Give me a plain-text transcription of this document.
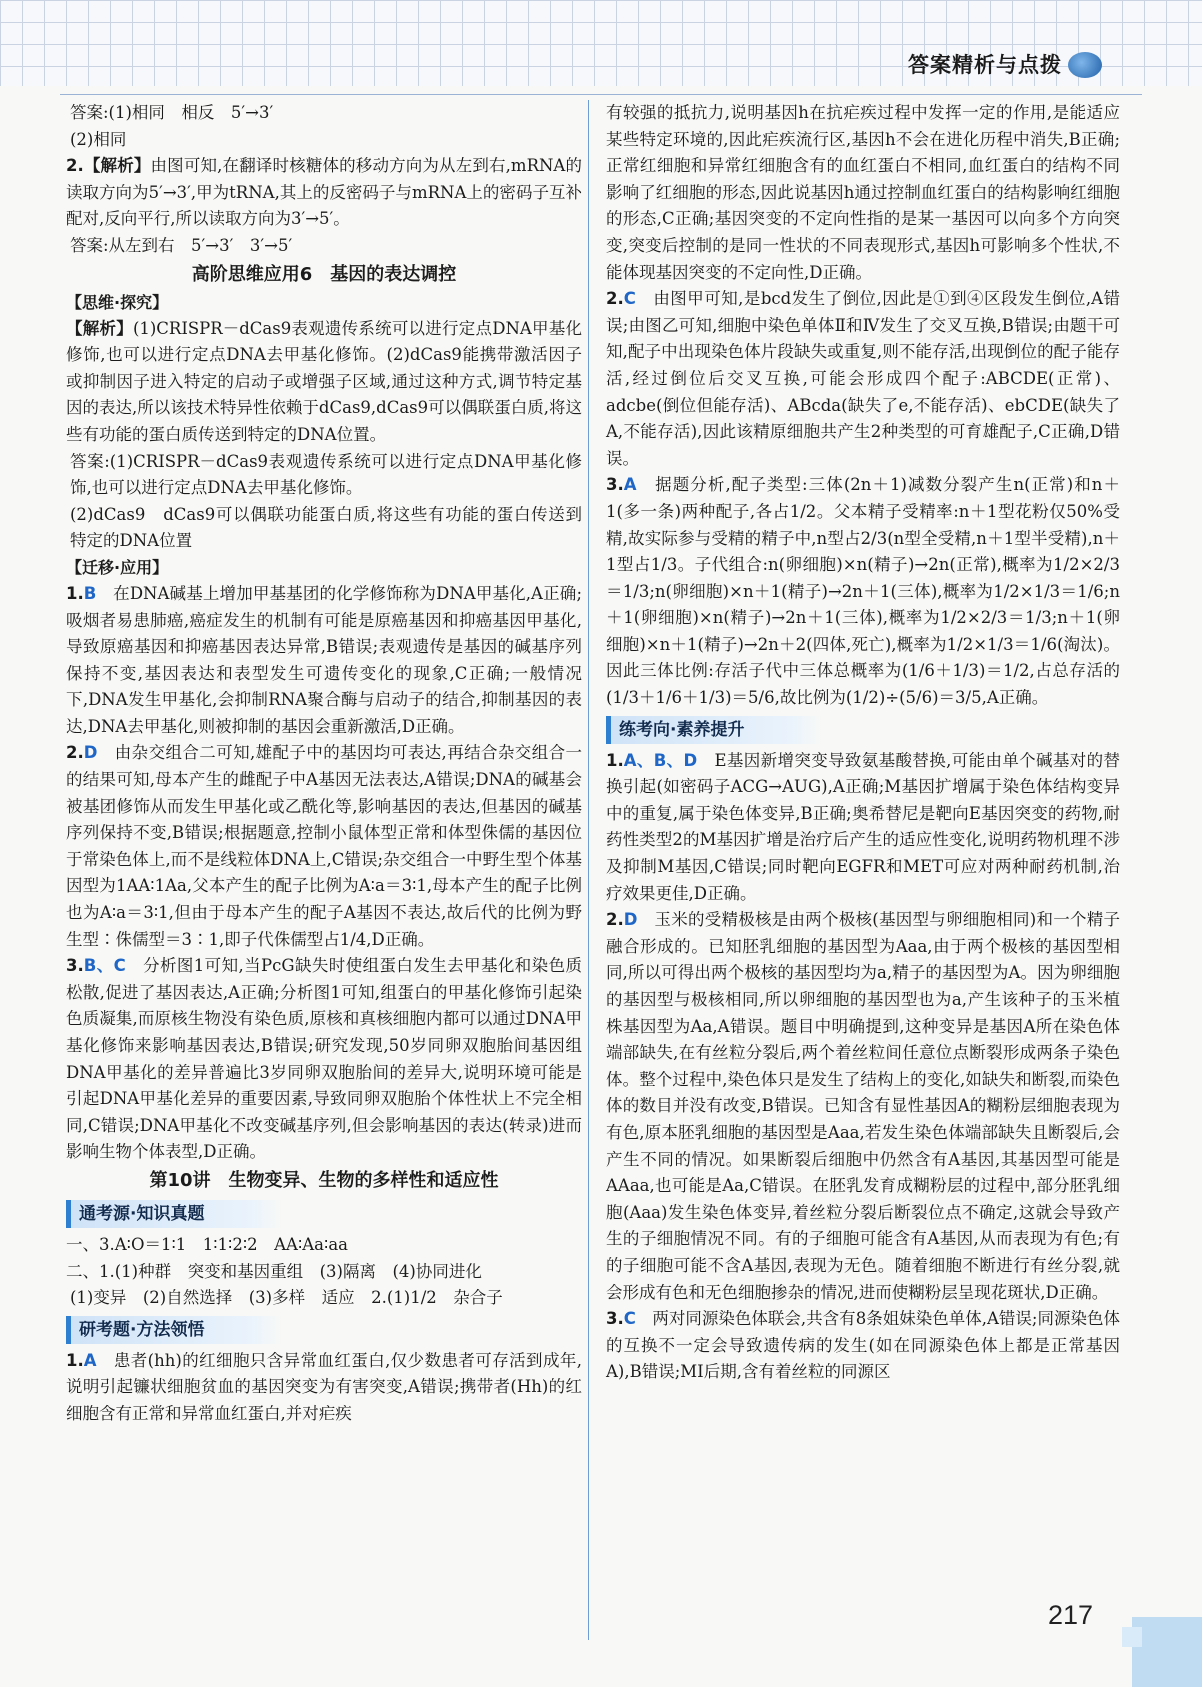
答案精析与点拨

答案:(1)相同　相反　5′→3′

(2)相同

2.【解析】由图可知,在翻译时核糖体的移动方向为从左到右,mRNA的读取方向为5′→3′,甲为tRNA,其上的反密码子与mRNA上的密码子互补配对,反向平行,所以读取方向为3′→5′。

答案:从左到右　5′→3′　3′→5′

高阶思维应用6　基因的表达调控

【思维·探究】

【解析】(1)CRISPR－dCas9表观遗传系统可以进行定点DNA甲基化修饰,也可以进行定点DNA去甲基化修饰。(2)dCas9能携带激活因子或抑制因子进入特定的启动子或增强子区域,通过这种方式,调节特定基因的表达,所以该技术特异性依赖于dCas9,dCas9可以偶联蛋白质,将这些有功能的蛋白质传送到特定的DNA位置。

答案:(1)CRISPR－dCas9表观遗传系统可以进行定点DNA甲基化修饰,也可以进行定点DNA去甲基化修饰。

(2)dCas9　dCas9可以偶联功能蛋白质,将这些有功能的蛋白传送到特定的DNA位置

【迁移·应用】

1.B　 在DNA碱基上增加甲基基团的化学修饰称为DNA甲基化,A正确;吸烟者易患肺癌,癌症发生的机制有可能是原癌基因和抑癌基因甲基化,导致原癌基因和抑癌基因表达异常,B错误;表观遗传是基因的碱基序列保持不变,基因表达和表型发生可遗传变化的现象,C正确;一般情况下,DNA发生甲基化,会抑制RNA聚合酶与启动子的结合,抑制基因的表达,DNA去甲基化,则被抑制的基因会重新激活,D正确。

2.D　 由杂交组合二可知,雄配子中的基因均可表达,再结合杂交组合一的结果可知,母本产生的雌配子中A基因无法表达,A错误;DNA的碱基会被基团修饰从而发生甲基化或乙酰化等,影响基因的表达,但基因的碱基序列保持不变,B错误;根据题意,控制小鼠体型正常和体型侏儒的基因位于常染色体上,而不是线粒体DNA上,C错误;杂交组合一中野生型个体基因型为1AA∶1Aa,父本产生的配子比例为A∶a＝3∶1,母本产生的配子比例也为A∶a＝3∶1,但由于母本产生的配子A基因不表达,故后代的比例为野生型∶侏儒型＝3∶1,即子代侏儒型占1/4,D正确。

3.B、C　 分析图1可知,当PcG缺失时使组蛋白发生去甲基化和染色质松散,促进了基因表达,A正确;分析图1可知,组蛋白的甲基化修饰引起染色质凝集,而原核生物没有染色质,原核和真核细胞内都可以通过DNA甲基化修饰来影响基因表达,B错误;研究发现,50岁同卵双胞胎间基因组DNA甲基化的差异普遍比3岁同卵双胞胎间的差异大,说明环境可能是引起DNA甲基化差异的重要因素,导致同卵双胞胎个体性状上不完全相同,C错误;DNA甲基化不改变碱基序列,但会影响基因的表达(转录)进而影响生物个体表型,D正确。

第10讲　生物变异、生物的多样性和适应性

通考源·知识真题

一、3.A∶O＝1∶1　1∶1∶2∶2　AA∶Aa∶aa

二、1.(1)种群　突变和基因重组　(3)隔离　(4)协同进化

(1)变异　(2)自然选择　(3)多样　适应　2.(1)1/2　杂合子

研考题·方法领悟

1.A　 患者(hh)的红细胞只含异常血红蛋白,仅少数患者可存活到成年,说明引起镰状细胞贫血的基因突变为有害突变,A错误;携带者(Hh)的红细胞含有正常和异常血红蛋白,并对疟疾

有较强的抵抗力,说明基因h在抗疟疾过程中发挥一定的作用,是能适应某些特定环境的,因此疟疾流行区,基因h不会在进化历程中消失,B正确;正常红细胞和异常红细胞含有的血红蛋白不相同,血红蛋白的结构不同影响了红细胞的形态,因此说基因h通过控制血红蛋白的结构影响红细胞的形态,C正确;基因突变的不定向性指的是某一基因可以向多个方向突变,突变后控制的是同一性状的不同表现形式,基因h可影响多个性状,不能体现基因突变的不定向性,D正确。

2.C　 由图甲可知,是bcd发生了倒位,因此是①到④区段发生倒位,A错误;由图乙可知,细胞中染色单体Ⅱ和Ⅳ发生了交叉互换,B错误;由题干可知,配子中出现染色体片段缺失或重复,则不能存活,出现倒位的配子能存活,经过倒位后交叉互换,可能会形成四个配子:ABCDE(正常)、adcbe(倒位但能存活)、ABcda(缺失了e,不能存活)、ebCDE(缺失了A,不能存活),因此该精原细胞共产生2种类型的可育雄配子,C正确,D错误。

3.A　 据题分析,配子类型:三体(2n＋1)减数分裂产生n(正常)和n＋1(多一条)两种配子,各占1/2。父本精子受精率:n＋1型花粉仅50%受精,故实际参与受精的精子中,n型占2/3(n型全受精,n＋1型半受精),n＋1型占1/3。子代组合:n(卵细胞)×n(精子)→2n(正常),概率为1/2×2/3＝1/3;n(卵细胞)×n＋1(精子)→2n＋1(三体),概率为1/2×1/3＝1/6;n＋1(卵细胞)×n(精子)→2n＋1(三体),概率为1/2×2/3＝1/3;n＋1(卵细胞)×n＋1(精子)→2n＋2(四体,死亡),概率为1/2×1/3＝1/6(淘汰)。因此三体比例:存活子代中三体总概率为(1/6＋1/3)＝1/2,占总存活的(1/3＋1/6＋1/3)＝5/6,故比例为(1/2)÷(5/6)＝3/5,A正确。

练考向·素养提升

1.A、B、D　 E基因新增突变导致氨基酸替换,可能由单个碱基对的替换引起(如密码子ACG→AUG),A正确;M基因扩增属于染色体结构变异中的重复,属于染色体变异,B正确;奥希替尼是靶向E基因突变的药物,耐药性类型2的M基因扩增是治疗后产生的适应性变化,说明药物机理不涉及抑制M基因,C错误;同时靶向EGFR和MET可应对两种耐药机制,治疗效果更佳,D正确。

2.D　 玉米的受精极核是由两个极核(基因型与卵细胞相同)和一个精子融合形成的。已知胚乳细胞的基因型为Aaa,由于两个极核的基因型相同,所以可得出两个极核的基因型均为a,精子的基因型为A。因为卵细胞的基因型与极核相同,所以卵细胞的基因型也为a,产生该种子的玉米植株基因型为Aa,A错误。题目中明确提到,这种变异是基因A所在染色体端部缺失,在有丝粒分裂后,两个着丝粒间任意位点断裂形成两条子染色体。整个过程中,染色体只是发生了结构上的变化,如缺失和断裂,而染色体的数目并没有改变,B错误。已知含有显性基因A的糊粉层细胞表现为有色,原本胚乳细胞的基因型是Aaa,若发生染色体端部缺失且断裂后,会产生不同的情况。如果断裂后细胞中仍然含有A基因,其基因型可能是AAaa,也可能是Aa,C错误。在胚乳发育成糊粉层的过程中,部分胚乳细胞(Aaa)发生染色体变异,着丝粒分裂后断裂位点不确定,这就会导致产生的子细胞情况不同。有的子细胞可能含有A基因,从而表现为有色;有的子细胞可能不含A基因,表现为无色。随着细胞不断进行有丝分裂,就会形成有色和无色细胞掺杂的情况,进而使糊粉层呈现花斑状,D正确。

3.C　 两对同源染色体联会,共含有8条姐妹染色单体,A错误;同源染色体的互换不一定会导致遗传病的发生(如在同源染色体上都是正常基因A),B错误;MⅠ后期,含有着丝粒的同源区

217
